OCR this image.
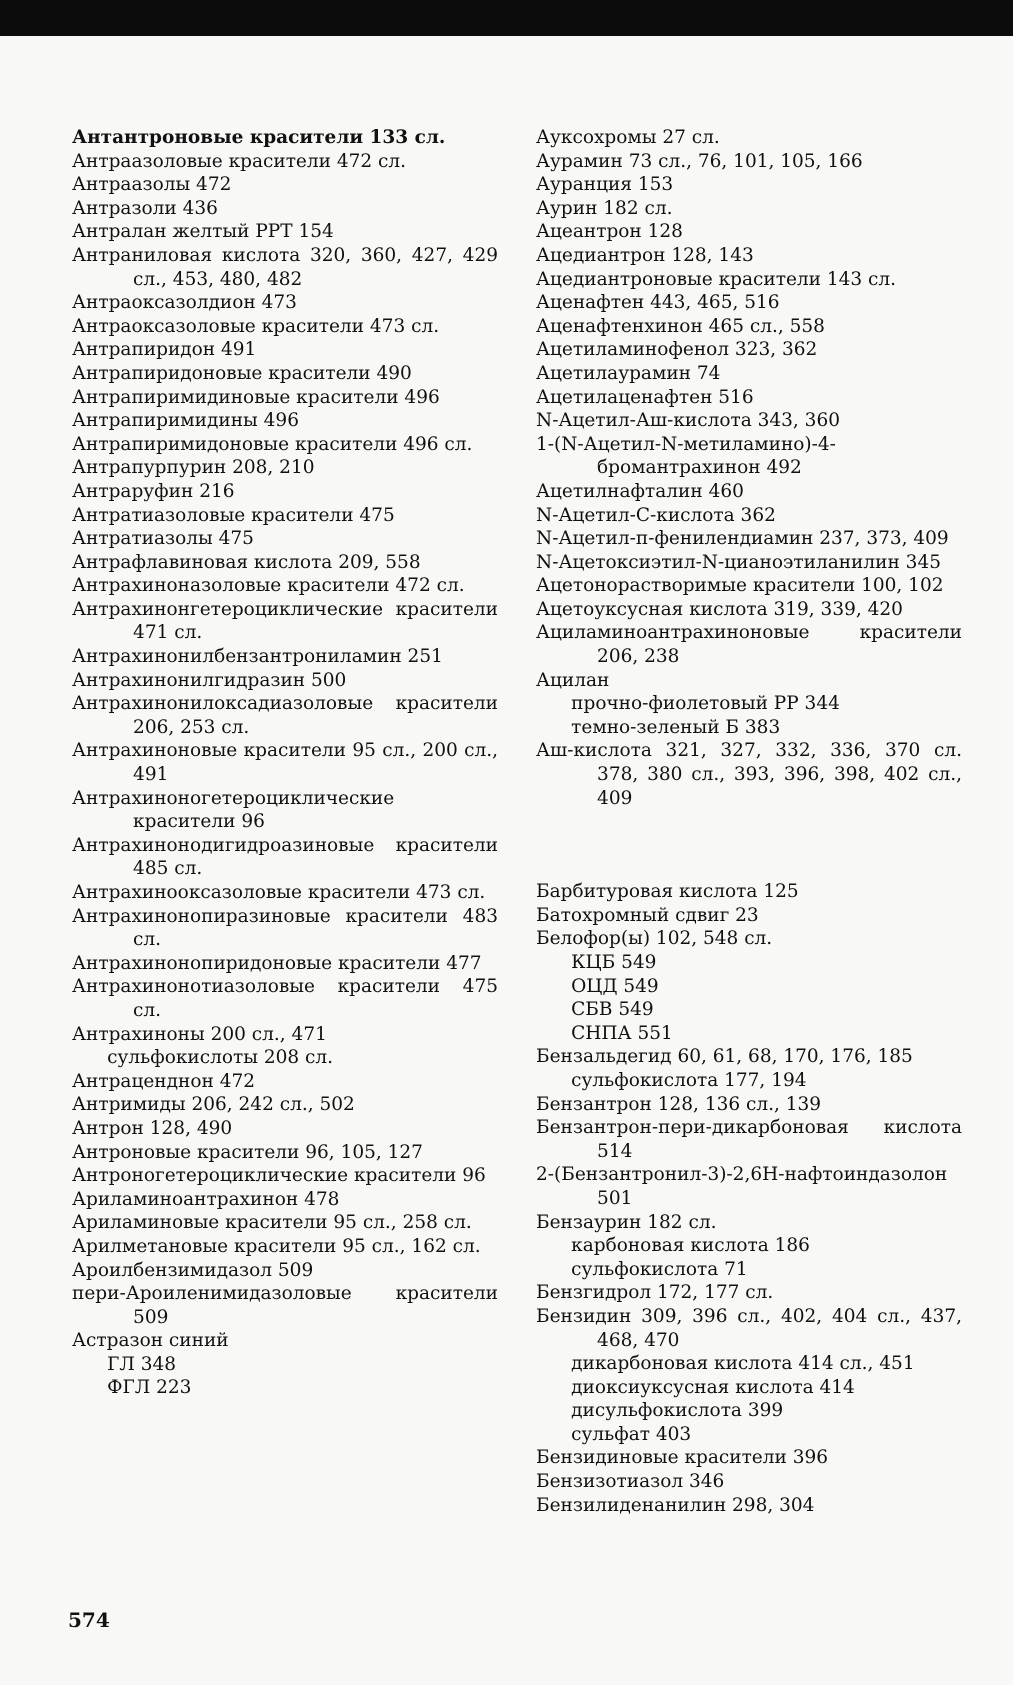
Антантроновые красители 133 сл.
Антраазоловые красители 472 сл.
Антраазолы 472
Антразоли 436
Антралан желтый РРТ 154
Антраниловая кислота 320, 360, 427, 429 сл., 453, 480, 482
Антраоксазолдион 473
Антраоксазоловые красители 473 сл.
Антрапиридон 491
Антрапиридоновые красители 490
Антрапиримидиновые красители 496
Антрапиримидины 496
Антрапиримидоновые красители 496 сл.
Антрапурпурин 208, 210
Антраруфин 216
Антратиазоловые красители 475
Антратиазолы 475
Антрафлавиновая кислота 209, 558
Антрахиноназоловые красители 472 сл.
Антрахинонгетероциклические красители 471 сл.
Антрахинонилбензантрониламин 251
Антрахинонилгидразин 500
Антрахинонилоксадиазоловые красители 206, 253 сл.
Антрахиноновые красители 95 сл., 200 сл., 491
Антрахиноногетероциклические красители 96
Антрахинонодигидроазиновые красители 485 сл.
Антрахинооксазоловые красители 473 сл.
Антрахинонопиразиновые красители 483 сл.
Антрахинонопиридоновые красители 477
Антрахинонотиазоловые красители 475 сл.
Антрахиноны 200 сл., 471
сульфокислоты 208 сл.
Антраценднон 472
Антримиды 206, 242 сл., 502
Антрон 128, 490
Антроновые красители 96, 105, 127
Антроногетероциклические красители 96
Ариламиноантрахинон 478
Ариламиновые красители 95 сл., 258 сл.
Арилметановые красители 95 сл., 162 сл.
Ароилбензимидазол 509
пери-Ароиленимидазоловые красители 509
Астразон синий
ГЛ 348
ФГЛ 223
Ауксохромы 27 сл.
Аурамин 73 сл., 76, 101, 105, 166
Ауранция 153
Аурин 182 сл.
Ацеантрон 128
Ацедиантрон 128, 143
Ацедиантроновые красители 143 сл.
Аценафтен 443, 465, 516
Аценафтенхинон 465 сл., 558
Ацетиламинофенол 323, 362
Ацетилаурамин 74
Ацетилаценафтен 516
N-Ацетил-Аш-кислота 343, 360
1-(N-Ацетил-N-метиламино)-4-бромантрахинон 492
Ацетилнафталин 460
N-Ацетил-С-кислота 362
N-Ацетил-п-фенилендиамин 237, 373, 409
N-Ацетоксиэтил-N-цианоэтиланилин 345
Ацетонорастворимые красители 100, 102
Ацетоуксусная кислота 319, 339, 420
Ациламиноантрахиноновые красители 206, 238
Ацилан
прочно-фиолетовый РР 344
темно-зеленый Б 383
Аш-кислота 321, 327, 332, 336, 370 сл. 378, 380 сл., 393, 396, 398, 402 сл., 409
Барбитуровая кислота 125
Батохромный сдвиг 23
Белофор(ы) 102, 548 сл.
КЦБ 549
ОЦД 549
СБВ 549
СНПА 551
Бензальдегид 60, 61, 68, 170, 176, 185
сульфокислота 177, 194
Бензантрон 128, 136 сл., 139
Бензантрон-пери-дикарбоновая кислота 514
2-(Бензантронил-3)-2,6Н-нафтоиндазолон 501
Бензаурин 182 сл.
карбоновая кислота 186
сульфокислота 71
Бензгидрол 172, 177 сл.
Бензидин 309, 396 сл., 402, 404 сл., 437, 468, 470
дикарбоновая кислота 414 сл., 451
диоксиуксусная кислота 414
дисульфокислота 399
сульфат 403
Бензидиновые красители 396
Бензизотиазол 346
Бензилиденанилин 298, 304
574
